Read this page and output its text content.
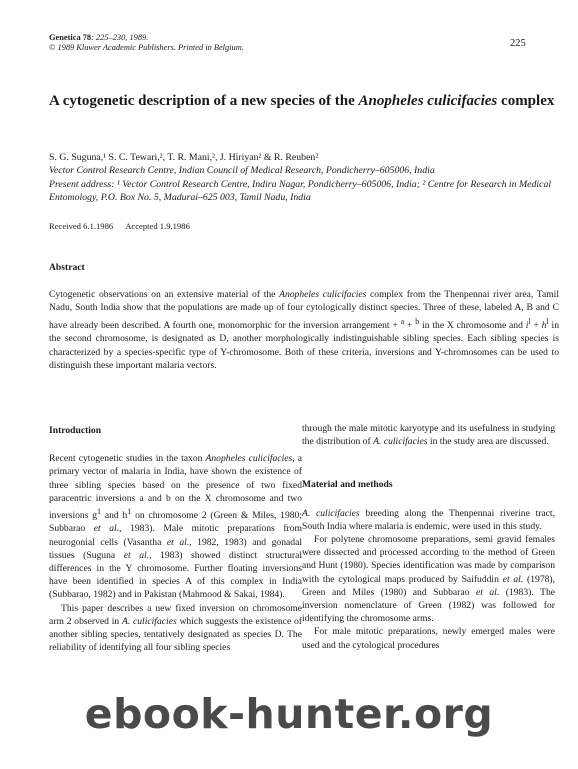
Genetica 78: 225–230, 1989.
© 1989 Kluwer Academic Publishers. Printed in Belgium.	225
A cytogenetic description of a new species of the Anopheles culicifacies complex
S. G. Suguna,¹ S. C. Tewari,², T. R. Mani,², J. Hiriyan² & R. Reuben²
Vector Control Research Centre, Indian Council of Medical Research, Pondicherry–605006, India
Present address: ¹ Vector Control Research Centre, Indira Nagar, Pondicherry–605006, India; ² Centre for Research in Medical Entomology, P.O. Box No. 5, Madurai–625 003, Tamil Nadu, India
Received 6.1.1986 Accepted 1.9.1986
Abstract
Cytogenetic observations on an extensive material of the Anopheles culicifacies complex from the Thenpennai river area, Tamil Nadu, South India show that the populations are made up of four cytologically distinct species. Three of these, labeled A, B and C have already been described. A fourth one, monomorphic for the inversion arrangement + $^a$ + $^b$ in the X chromosome and $i^l + h^l$ in the second chromosome, is designated as D, another morphologically indistinguishable sibling species. Each sibling species is characterized by a species-specific type of Y-chromosome. Both of these criteria, inversions and Y-chromosomes can be used to distinguish these important malaria vectors.
Introduction

Recent cytogenetic studies in the taxon Anopheles culicifacies, a primary vector of malaria in India, have shown the existence of three sibling species based on the presence of two fixed paracentric inversions a and b on the X chromosome and two inversions $g^1$ and $h^1$ on chromosome 2 (Green & Miles, 1980; Subbarao et al., 1983). Male mitotic preparations from neurogonial cells (Vasantha et al., 1982, 1983) and gonadal tissues (Suguna et al., 1983) showed distinct structural differences in the Y chromosome. Further floating inversions have been identified in species A of this complex in India (Subbarao, 1982) and in Pakistan (Mahmood & Sakai, 1984).

This paper describes a new fixed inversion on chromosome arm 2 observed in A. culicifacies which suggests the existence of another sibling species, tentatively designated as species D. The reliability of identifying all four sibling species

through the male mitotic karyotype and its usefulness in studying the distribution of A. culicifacies in the study area are discussed.

Material and methods

A. culicifacies breeding along the Thenpennai riverine tract, South India where malaria is endemic, were used in this study.

For polytene chromosome preparations, semi gravid females were dissected and processed according to the method of Green and Hunt (1980). Species identification was made by comparison with the cytological maps produced by Saifuddin et al. (1978), Green and Miles (1980) and Subbarao et al. (1983). The inversion nomenclature of Green (1982) was followed for identifying the chromosome arms.

For male mitotic preparations, newly emerged males were used and the cytological procedures

ebook-hunter.org
